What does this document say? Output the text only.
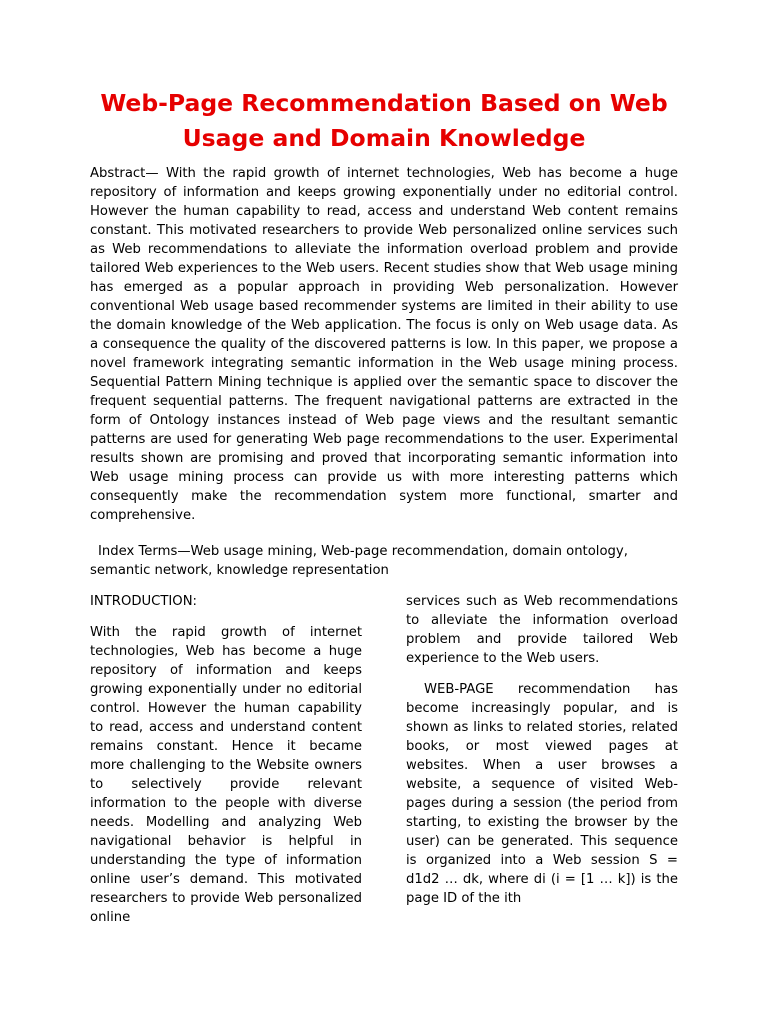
Web-Page Recommendation Based on Web Usage and Domain Knowledge

Abstract— With the rapid growth of internet technologies, Web has become a huge repository of information and keeps growing exponentially under no editorial control. However the human capability to read, access and understand Web content remains constant. This motivated researchers to provide Web personalized online services such as Web recommendations to alleviate the information overload problem and provide tailored Web experiences to the Web users. Recent studies show that Web usage mining has emerged as a popular approach in providing Web personalization. However conventional Web usage based recommender systems are limited in their ability to use the domain knowledge of the Web application. The focus is only on Web usage data. As a consequence the quality of the discovered patterns is low. In this paper, we propose a novel framework integrating semantic information in the Web usage mining process. Sequential Pattern Mining technique is applied over the semantic space to discover the frequent sequential patterns. The frequent navigational patterns are extracted in the form of Ontology instances instead of Web page views and the resultant semantic patterns are used for generating Web page recommendations to the user. Experimental results shown are promising and proved that incorporating semantic information into Web usage mining process can provide us with more interesting patterns which consequently make the recommendation system more functional, smarter and comprehensive.

Index Terms—Web usage mining, Web-page recommendation, domain ontology, semantic network, knowledge representation

INTRODUCTION:

With the rapid growth of internet technologies, Web has become a huge repository of information and keeps growing exponentially under no editorial control. However the human capability to read, access and understand content remains constant. Hence it became more challenging to the Website owners to selectively provide relevant information to the people with diverse needs. Modelling and analyzing Web navigational behavior is helpful in understanding the type of information online user’s demand. This motivated researchers to provide Web personalized online

services such as Web recommendations to alleviate the information overload problem and provide tailored Web experience to the Web users.

WEB-PAGE recommendation has become increasingly popular, and is shown as links to related stories, related books, or most viewed pages at websites. When a user browses a website, a sequence of visited Web-pages during a session (the period from starting, to existing the browser by the user) can be generated. This sequence is organized into a Web session S = d1d2 … dk, where di (i = [1 … k]) is the page ID of the ith
